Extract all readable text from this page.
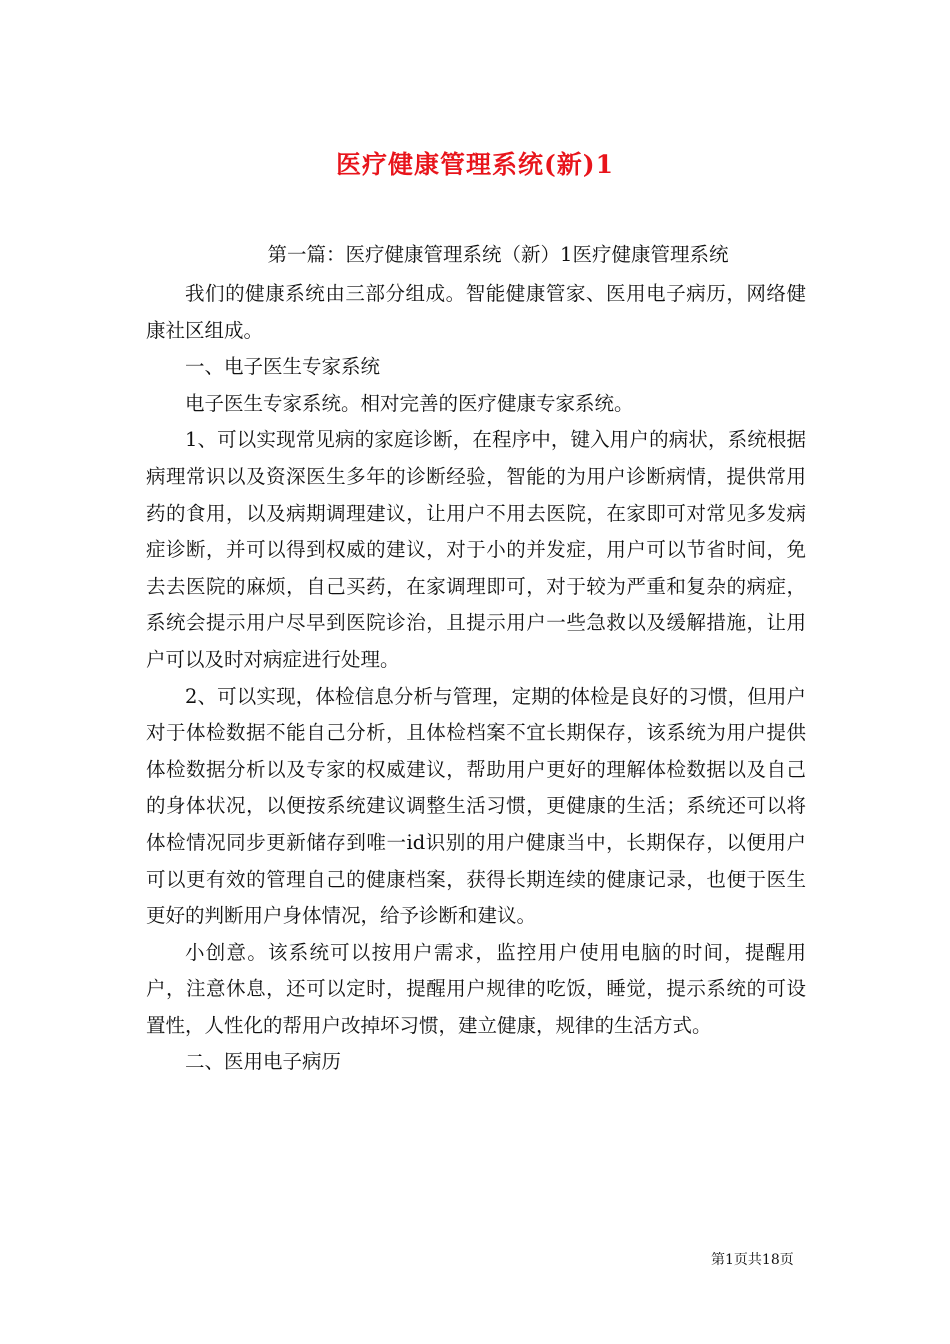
医疗健康管理系统(新)1
第一篇：医疗健康管理系统（新）1医疗健康管理系统

我们的健康系统由三部分组成。智能健康管家、医用电子病历，网络健康社区组成。

一、电子医生专家系统

电子医生专家系统。相对完善的医疗健康专家系统。

1、可以实现常见病的家庭诊断，在程序中，键入用户的病状，系统根据病理常识以及资深医生多年的诊断经验，智能的为用户诊断病情，提供常用药的食用，以及病期调理建议，让用户不用去医院，在家即可对常见多发病症诊断，并可以得到权威的建议，对于小的并发症，用户可以节省时间，免去去医院的麻烦，自己买药，在家调理即可，对于较为严重和复杂的病症，系统会提示用户尽早到医院诊治，且提示用户一些急救以及缓解措施，让用户可以及时对病症进行处理。

2、可以实现，体检信息分析与管理，定期的体检是良好的习惯，但用户对于体检数据不能自己分析，且体检档案不宜长期保存，该系统为用户提供体检数据分析以及专家的权威建议，帮助用户更好的理解体检数据以及自己的身体状况，以便按系统建议调整生活习惯，更健康的生活；系统还可以将体检情况同步更新储存到唯一id识别的用户健康当中，长期保存，以便用户可以更有效的管理自己的健康档案，获得长期连续的健康记录，也便于医生更好的判断用户身体情况，给予诊断和建议。

小创意。该系统可以按用户需求，监控用户使用电脑的时间，提醒用户，注意休息，还可以定时，提醒用户规律的吃饭，睡觉，提示系统的可设置性，人性化的帮用户改掉坏习惯，建立健康，规律的生活方式。

二、医用电子病历

第1页共18页
